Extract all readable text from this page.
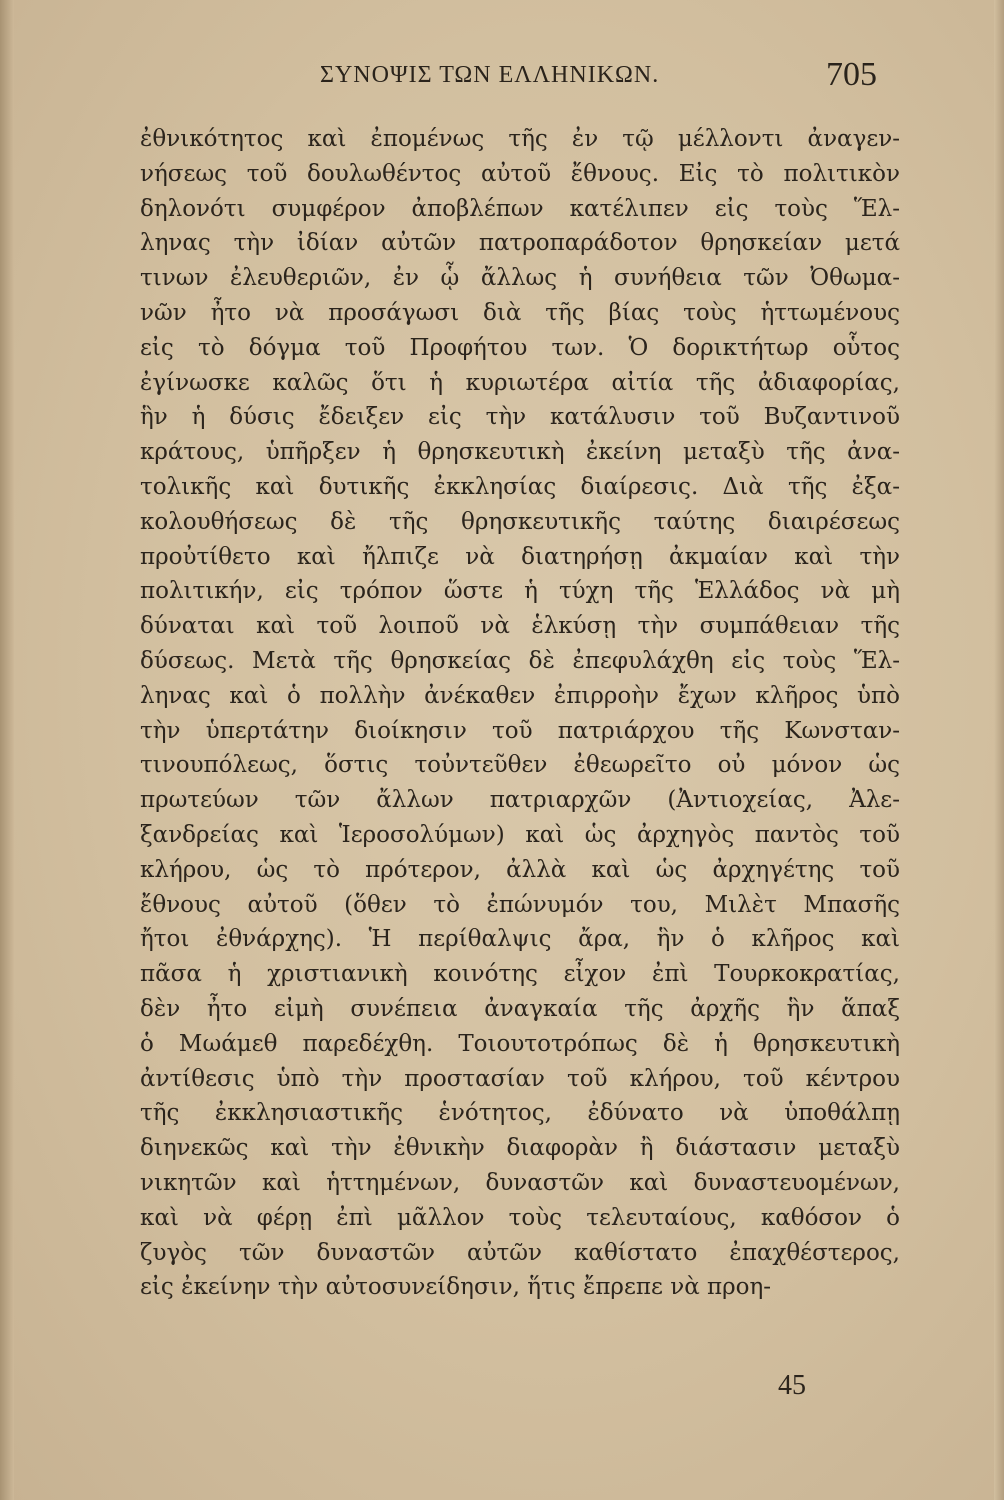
ΣΥΝΟΨΙΣ ΤΩΝ ΕΛΛΗΝΙΚΩΝ.	705
ἐθνικότητος καὶ ἐπομένως τῆς ἐν τῷ μέλλοντι ἀναγεν-
νήσεως τοῦ δουλωθέντος αὐτοῦ ἔθνους. Εἰς τὸ πολιτικὸν
δηλονότι συμφέρον ἀποβλέπων κατέλιπεν εἰς τοὺς Ἕλ-
ληνας τὴν ἰδίαν αὐτῶν πατροπαράδοτον θρησκείαν μετά
τινων ἐλευθεριῶν, ἐν ᾧ ἄλλως ἡ συνήθεια τῶν Ὀθωμα-
νῶν ἦτο νὰ προσάγωσι διὰ τῆς βίας τοὺς ἡττωμένους
εἰς τὸ δόγμα τοῦ Προφήτου των. Ὁ δορικτήτωρ οὗτος
ἐγίνωσκε καλῶς ὅτι ἡ κυριωτέρα αἰτία τῆς ἀδιαφορίας,
ἣν ἡ δύσις ἔδειξεν εἰς τὴν κατάλυσιν τοῦ Βυζαντινοῦ
κράτους, ὑπῆρξεν ἡ θρησκευτικὴ ἐκείνη μεταξὺ τῆς ἀνα-
τολικῆς καὶ δυτικῆς ἐκκλησίας διαίρεσις. Διὰ τῆς ἐξα-
κολουθήσεως δὲ τῆς θρησκευτικῆς ταύτης διαιρέσεως
προὐτίθετο καὶ ἤλπιζε νὰ διατηρήσῃ ἀκμαίαν καὶ τὴν
πολιτικήν, εἰς τρόπον ὥστε ἡ τύχη τῆς Ἑλλάδος νὰ μὴ
δύναται καὶ τοῦ λοιποῦ νὰ ἑλκύσῃ τὴν συμπάθειαν τῆς
δύσεως. Μετὰ τῆς θρησκείας δὲ ἐπεφυλάχθη εἰς τοὺς Ἕλ-
ληνας καὶ ὁ πολλὴν ἀνέκαθεν ἐπιρροὴν ἔχων κλῆρος ὑπὸ
τὴν ὑπερτάτην διοίκησιν τοῦ πατριάρχου τῆς Κωνσταν-
τινουπόλεως, ὅστις τοὐντεῦθεν ἐθεωρεῖτο οὐ μόνον ὡς
πρωτεύων τῶν ἄλλων πατριαρχῶν (Ἀντιοχείας, Ἀλε-
ξανδρείας καὶ Ἱεροσολύμων) καὶ ὡς ἀρχηγὸς παντὸς τοῦ
κλήρου, ὡς τὸ πρότερον, ἀλλὰ καὶ ὡς ἀρχηγέτης τοῦ
ἔθνους αὐτοῦ (ὅθεν τὸ ἐπώνυμόν του, Μιλὲτ Μπασῆς
ἤτοι ἐθνάρχης). Ἡ περίθαλψις ἄρα, ἣν ὁ κλῆρος καὶ
πᾶσα ἡ χριστιανικὴ κοινότης εἶχον ἐπὶ Τουρκοκρατίας,
δὲν ἦτο εἰμὴ συνέπεια ἀναγκαία τῆς ἀρχῆς ἣν ἅπαξ
ὁ Μωάμεθ παρεδέχθη. Τοιουτοτρόπως δὲ ἡ θρησκευτικὴ
ἀντίθεσις ὑπὸ τὴν προστασίαν τοῦ κλήρου, τοῦ κέντρου
τῆς ἐκκλησιαστικῆς ἑνότητος, ἐδύνατο νὰ ὑποθάλπῃ
διηνεκῶς καὶ τὴν ἐθνικὴν διαφορὰν ἢ διάστασιν μεταξὺ
νικητῶν καὶ ἡττημένων, δυναστῶν καὶ δυναστευομένων,
καὶ νὰ φέρῃ ἐπὶ μᾶλλον τοὺς τελευταίους, καθόσον ὁ
ζυγὸς τῶν δυναστῶν αὐτῶν καθίστατο ἐπαχθέστερος,
εἰς ἐκείνην τὴν αὐτοσυνείδησιν, ἥτις ἔπρεπε νὰ προη-
45
